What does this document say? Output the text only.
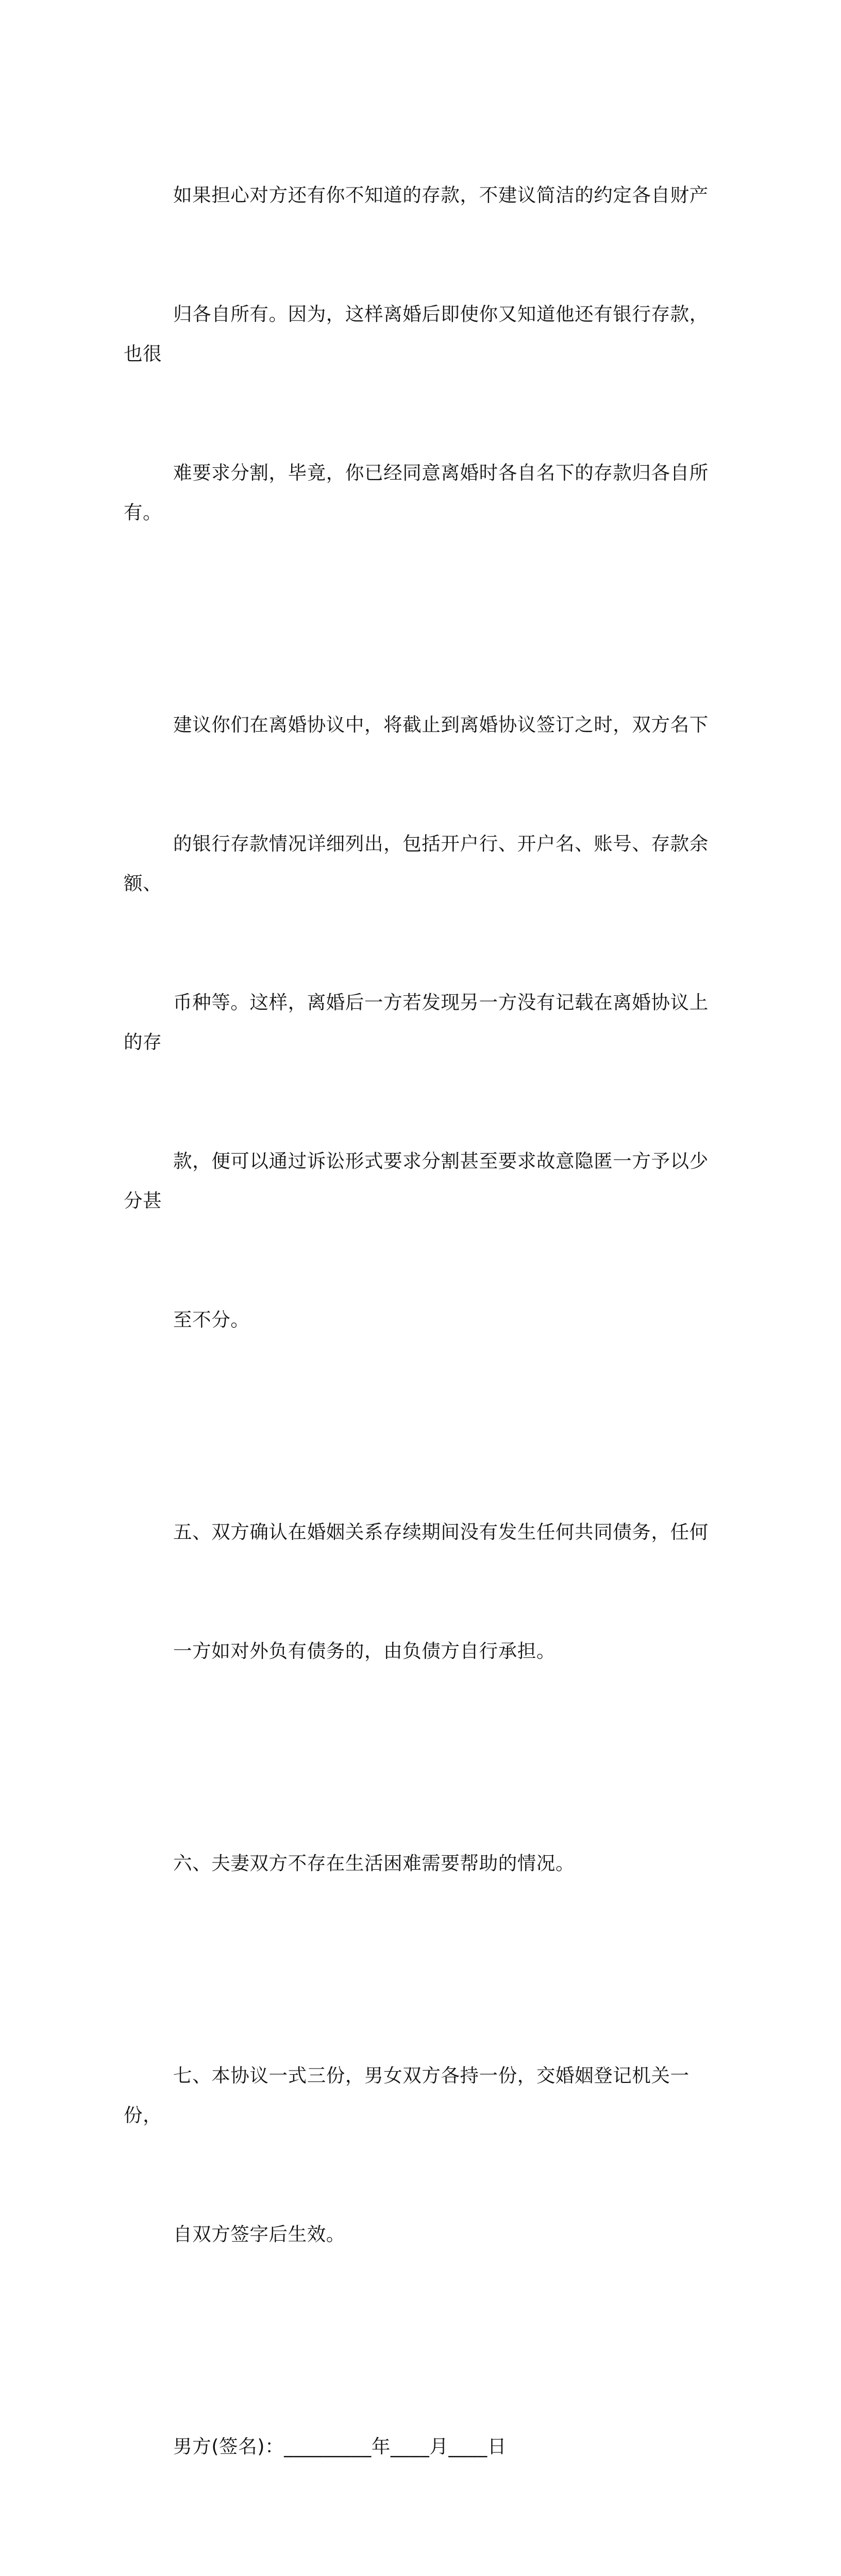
如果担心对方还有你不知道的存款，不建议简洁的约定各自财产

归各自所有。因为，这样离婚后即使你又知道他还有银行存款，也很

难要求分割，毕竟，你已经同意离婚时各自名下的存款归各自所有。

建议你们在离婚协议中，将截止到离婚协议签订之时，双方名下

的银行存款情况详细列出，包括开户行、开户名、账号、存款余额、

币种等。这样，离婚后一方若发现另一方没有记载在离婚协议上的存

款，便可以通过诉讼形式要求分割甚至要求故意隐匿一方予以少分甚

至不分。

五、双方确认在婚姻关系存续期间没有发生任何共同债务，任何

一方如对外负有债务的，由负债方自行承担。

六、夫妻双方不存在生活困难需要帮助的情况。

七、本协议一式三份，男女双方各持一份，交婚姻登记机关一份，

自双方签字后生效。

男方(签名)：_________年____月____日
